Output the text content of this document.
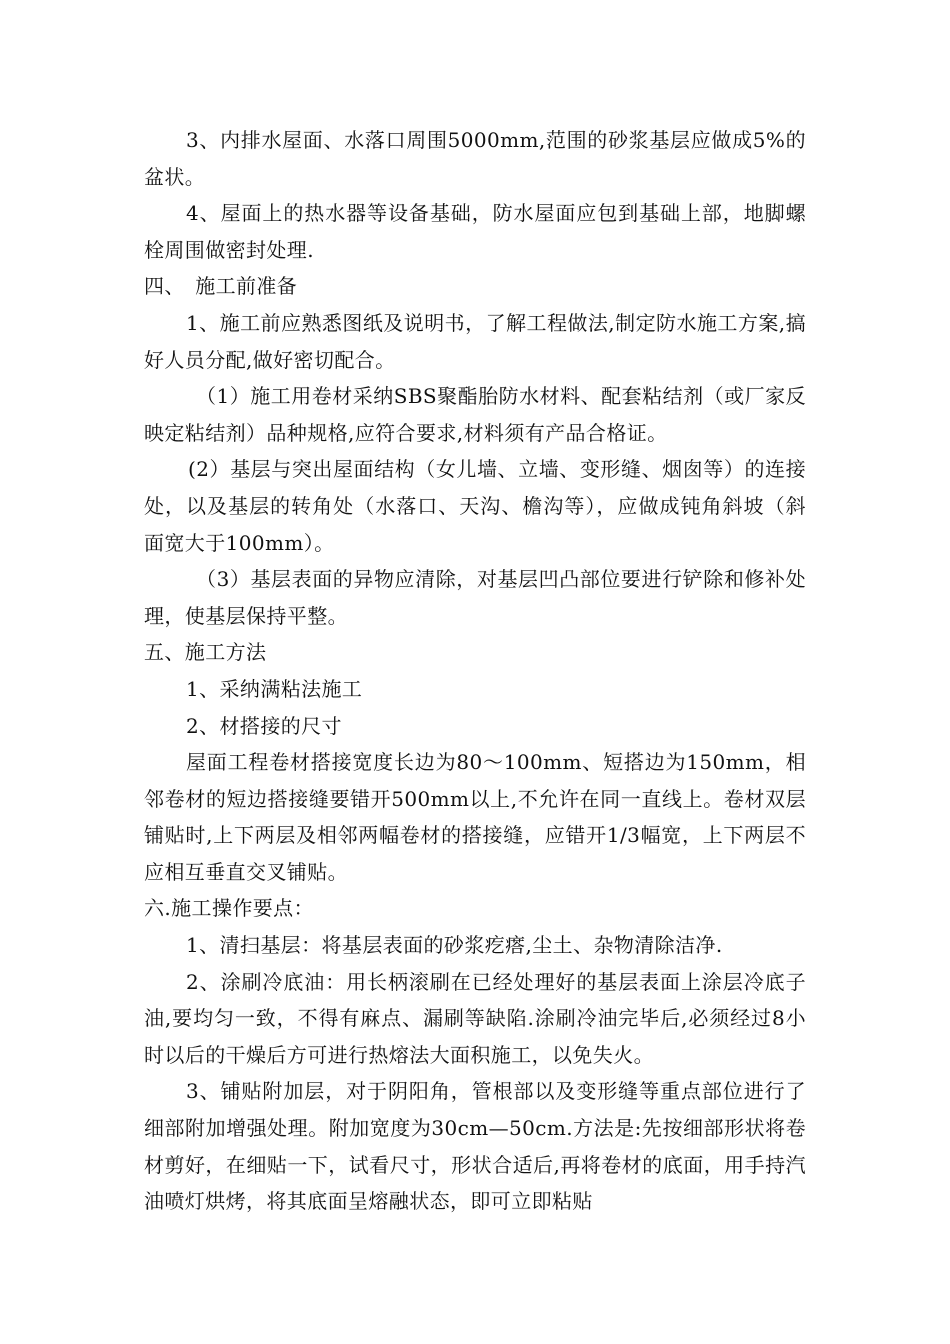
3、内排水屋面、水落口周围5000mm,范围的砂浆基层应做成5%的盆状。

4、屋面上的热水器等设备基础，防水屋面应包到基础上部，地脚螺栓周围做密封处理.

四、　施工前准备

1、施工前应熟悉图纸及说明书，了解工程做法,制定防水施工方案,搞好人员分配,做好密切配合。

（1）施工用卷材采纳SBS聚酯胎防水材料、配套粘结剂（或厂家反映定粘结剂）品种规格,应符合要求,材料须有产品合格证。

(2）基层与突出屋面结构（女儿墙、立墙、变形缝、烟囱等）的连接处，以及基层的转角处（水落口、天沟、檐沟等），应做成钝角斜坡（斜面宽大于100mm）。

（3）基层表面的异物应清除，对基层凹凸部位要进行铲除和修补处理，使基层保持平整。

五、施工方法

1、采纳满粘法施工

2、材搭接的尺寸

屋面工程卷材搭接宽度长边为80～100mm、短搭边为150mm，相邻卷材的短边搭接缝要错开500mm以上,不允许在同一直线上。卷材双层铺贴时,上下两层及相邻两幅卷材的搭接缝，应错开1/3幅宽，上下两层不应相互垂直交叉铺贴。

六.施工操作要点：

1、清扫基层：将基层表面的砂浆疙瘩,尘土、杂物清除洁净.

2、涂刷冷底油：用长柄滚刷在已经处理好的基层表面上涂层冷底子油,要均匀一致，不得有麻点、漏刷等缺陷.涂刷冷油完毕后,必须经过8小时以后的干燥后方可进行热熔法大面积施工，以免失火。

3、铺贴附加层，对于阴阳角，管根部以及变形缝等重点部位进行了细部附加增强处理。附加宽度为30cm—50cm.方法是:先按细部形状将卷材剪好，在细贴一下，试看尺寸，形状合适后,再将卷材的底面，用手持汽油喷灯烘烤，将其底面呈熔融状态，即可立即粘贴
